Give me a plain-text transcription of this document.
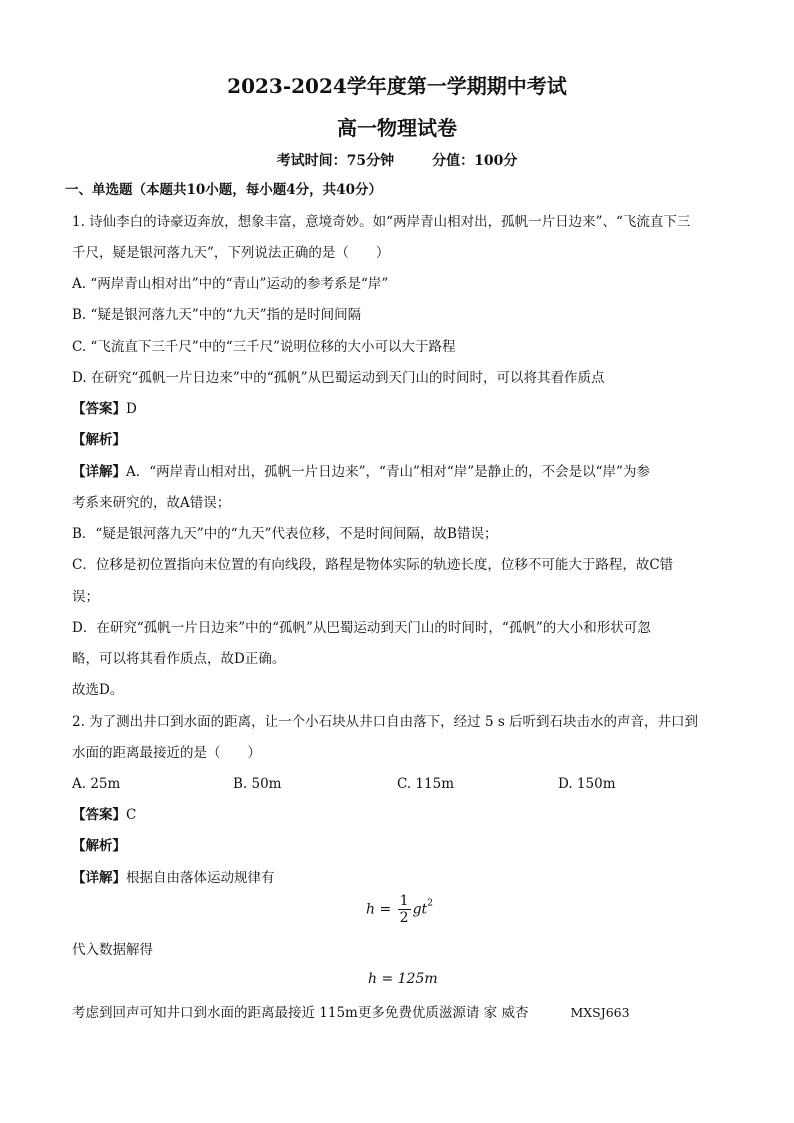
2023-2024学年度第一学期期中考试
高一物理试卷
考试时间：75分钟	分值：100分
一、单选题（本题共10小题，每小题4分，共40分）
1. 诗仙李白的诗豪迈奔放，想象丰富，意境奇妙。如“两岸青山相对出，孤帆一片日边来”、“飞流直下三
千尺，疑是银河落九天”，下列说法正确的是（　　）
A. “两岸青山相对出”中的“青山”运动的参考系是“岸”
B. “疑是银河落九天”中的“九天”指的是时间间隔
C. “飞流直下三千尺”中的“三千尺”说明位移的大小可以大于路程
D. 在研究“孤帆一片日边来”中的“孤帆”从巴蜀运动到天门山的时间时，可以将其看作质点
【答案】D
【解析】
【详解】A．“两岸青山相对出，孤帆一片日边来”，“青山”相对“岸”是静止的，不会是以“岸”为参
考系来研究的，故A错误；
B．“疑是银河落九天”中的“九天”代表位移，不是时间间隔，故B错误；
C．位移是初位置指向末位置的有向线段，路程是物体实际的轨迹长度，位移不可能大于路程，故C错
误；
D．在研究“孤帆一片日边来”中的“孤帆”从巴蜀运动到天门山的时间时，“孤帆”的大小和形状可忽
略，可以将其看作质点，故D正确。
故选D。
2. 为了测出井口到水面的距离，让一个小石块从井口自由落下，经过 5 s 后听到石块击水的声音，井口到
水面的距离最接近的是（　　）
A. 25m	B. 50m	C. 115m	D. 150m
【答案】C
【解析】
【详解】根据自由落体运动规律有
$h = \frac{1}{2} gt^2$
代入数据解得
h = 125m
考虑到回声可知井口到水面的距离最接近 115m更多免费优质滋源请 家 威杏	MXSJ663
